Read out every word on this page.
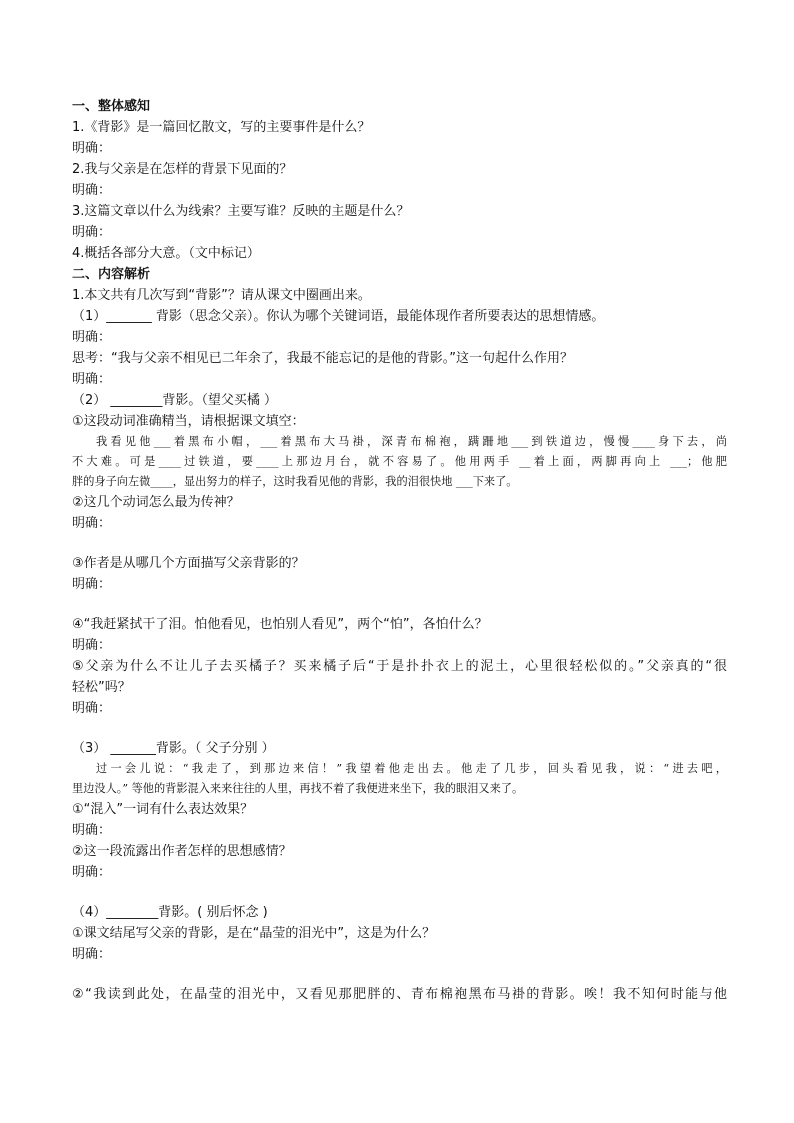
一、整体感知
1.《背影》是一篇回忆散文，写的主要事件是什么？
明确：
2.我与父亲是在怎样的背景下见面的？
明确：
3.这篇文章以什么为线索？主要写谁？反映的主题是什么？
明确：
4.概括各部分大意。（文中标记）
二、内容解析
1.本文共有几次写到“背影”？请从课文中圈画出来。
（1）_______ 背影（思念父亲）。你认为哪个关键词语，最能体现作者所要表达的思想情感。
明确：
思考：“我与父亲不相见已二年余了，我最不能忘记的是他的背影。”这一句起什么作用？
明确：
（2） ________背影。（望父买橘 ）
①这段动词准确精当，请根据课文填空：
我看见他___着黑布小帽，___着黑布大马褂，深青布棉袍，蹒跚地___到铁道边，慢慢____身下去，尚
不大难。可是____过铁道，要____上那边月台，就不容易了。他用两手 __着上面，两脚再向上 ___；他肥
胖的身子向左微____，显出努力的样子，这时我看见他的背影，我的泪很快地 ___下来了。
②这几个动词怎么最为传神？
明确：
③作者是从哪几个方面描写父亲背影的？
明确：
④“我赶紧拭干了泪。怕他看见，也怕别人看见”，两个“怕”，各怕什么？
明确：
⑤父亲为什么不让儿子去买橘子？买来橘子后“于是扑扑衣上的泥土，心里很轻松似的。”父亲真的“很
轻松”吗？
明确：
（3） _______背影。（ 父子分别 ）
过一会儿说：“我走了，到那边来信！”我望着他走出去。他走了几步，回头看见我，说：“进去吧，
里边没人。” 等他的背影混入来来往往的人里，再找不着了我便进来坐下，我的眼泪又来了。
①“混入”一词有什么表达效果？
明确：
②这一段流露出作者怎样的思想感情？
明确：
（4）________背影。( 别后怀念 )
①课文结尾写父亲的背影，是在“晶莹的泪光中”，这是为什么？
明确：
②“我读到此处，在晶莹的泪光中，又看见那肥胖的、青布棉袍黑布马褂的背影。唉！我不知何时能与他
